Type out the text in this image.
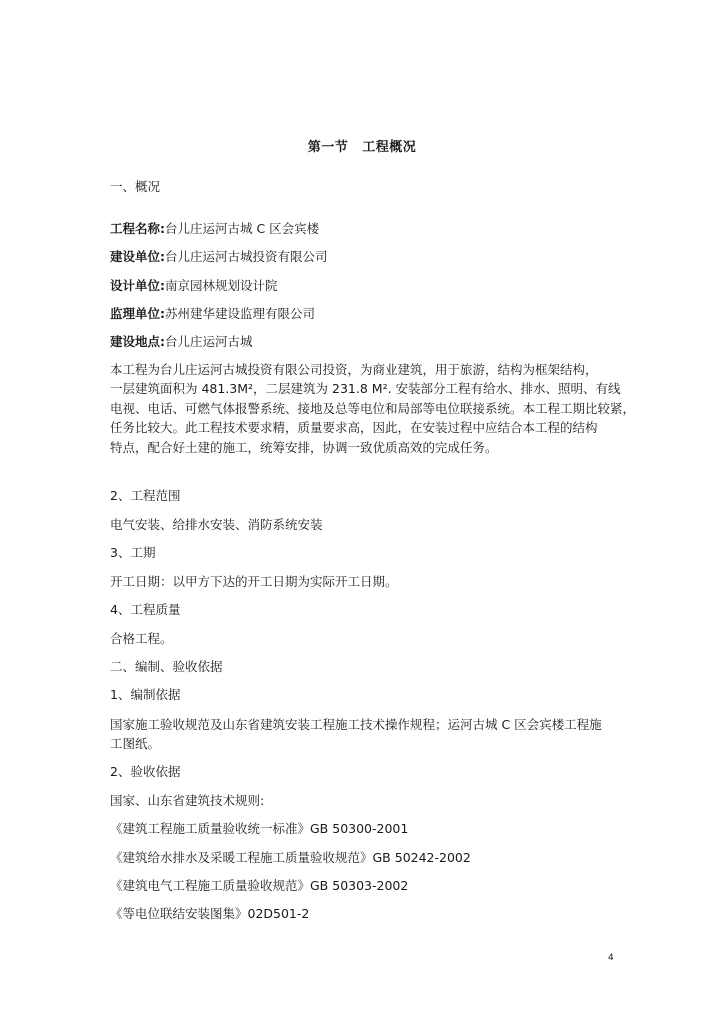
第一节 工程概况
一、概况
工程名称:台儿庄运河古城 C 区会宾楼
建设单位:台儿庄运河古城投资有限公司
设计单位:南京园林规划设计院
监理单位:苏州建华建设监理有限公司
建设地点:台儿庄运河古城
本工程为台儿庄运河古城投资有限公司投资，为商业建筑，用于旅游，结构为框架结构，
一层建筑面积为 481.3M²，二层建筑为 231.8 M². 安装部分工程有给水、排水、照明、有线
电视、电话、可燃气体报警系统、接地及总等电位和局部等电位联接系统。本工程工期比较紧，
任务比较大。此工程技术要求精，质量要求高，因此，在安装过程中应结合本工程的结构
特点，配合好土建的施工，统筹安排，协调一致优质高效的完成任务。
2、工程范围
电气安装、给排水安装、消防系统安装
3、工期
开工日期：以甲方下达的开工日期为实际开工日期。
4、工程质量
合格工程。
二、编制、验收依据
1、编制依据
国家施工验收规范及山东省建筑安装工程施工技术操作规程；运河古城 C 区会宾楼工程施
工图纸。
2、验收依据
国家、山东省建筑技术规则:
《建筑工程施工质量验收统一标准》GB 50300-2001
《建筑给水排水及采暖工程施工质量验收规范》GB 50242-2002
《建筑电气工程施工质量验收规范》GB 50303-2002
《等电位联结安装图集》02D501-2
4
